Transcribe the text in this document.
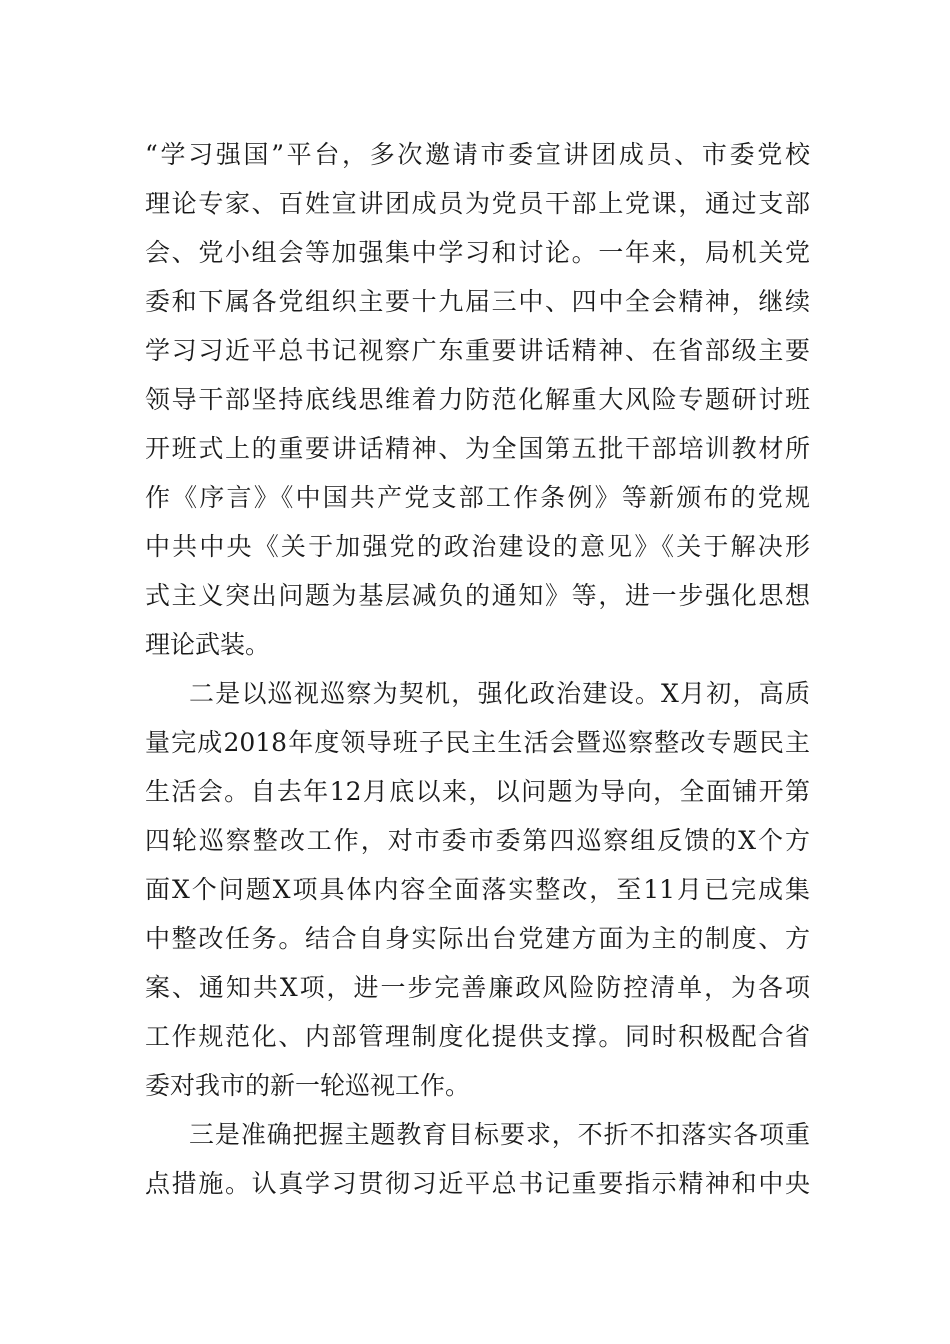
“学习强国”平台，多次邀请市委宣讲团成员、市委党校
理论专家、百姓宣讲团成员为党员干部上党课，通过支部
会、党小组会等加强集中学习和讨论。一年来，局机关党
委和下属各党组织主要十九届三中、四中全会精神，继续
学习习近平总书记视察广东重要讲话精神、在省部级主要
领导干部坚持底线思维着力防范化解重大风险专题研讨班
开班式上的重要讲话精神、为全国第五批干部培训教材所
作《序言》《中国共产党支部工作条例》等新颁布的党规
中共中央《关于加强党的政治建设的意见》《关于解决形
式主义突出问题为基层减负的通知》等，进一步强化思想
理论武装。
二是以巡视巡察为契机，强化政治建设。X月初，高质
量完成2018年度领导班子民主生活会暨巡察整改专题民主
生活会。自去年12月底以来，以问题为导向，全面铺开第
四轮巡察整改工作，对市委市委第四巡察组反馈的X个方
面X个问题X项具体内容全面落实整改，至11月已完成集
中整改任务。结合自身实际出台党建方面为主的制度、方
案、通知共X项，进一步完善廉政风险防控清单，为各项
工作规范化、内部管理制度化提供支撑。同时积极配合省
委对我市的新一轮巡视工作。
三是准确把握主题教育目标要求，不折不扣落实各项重
点措施。认真学习贯彻习近平总书记重要指示精神和中央
